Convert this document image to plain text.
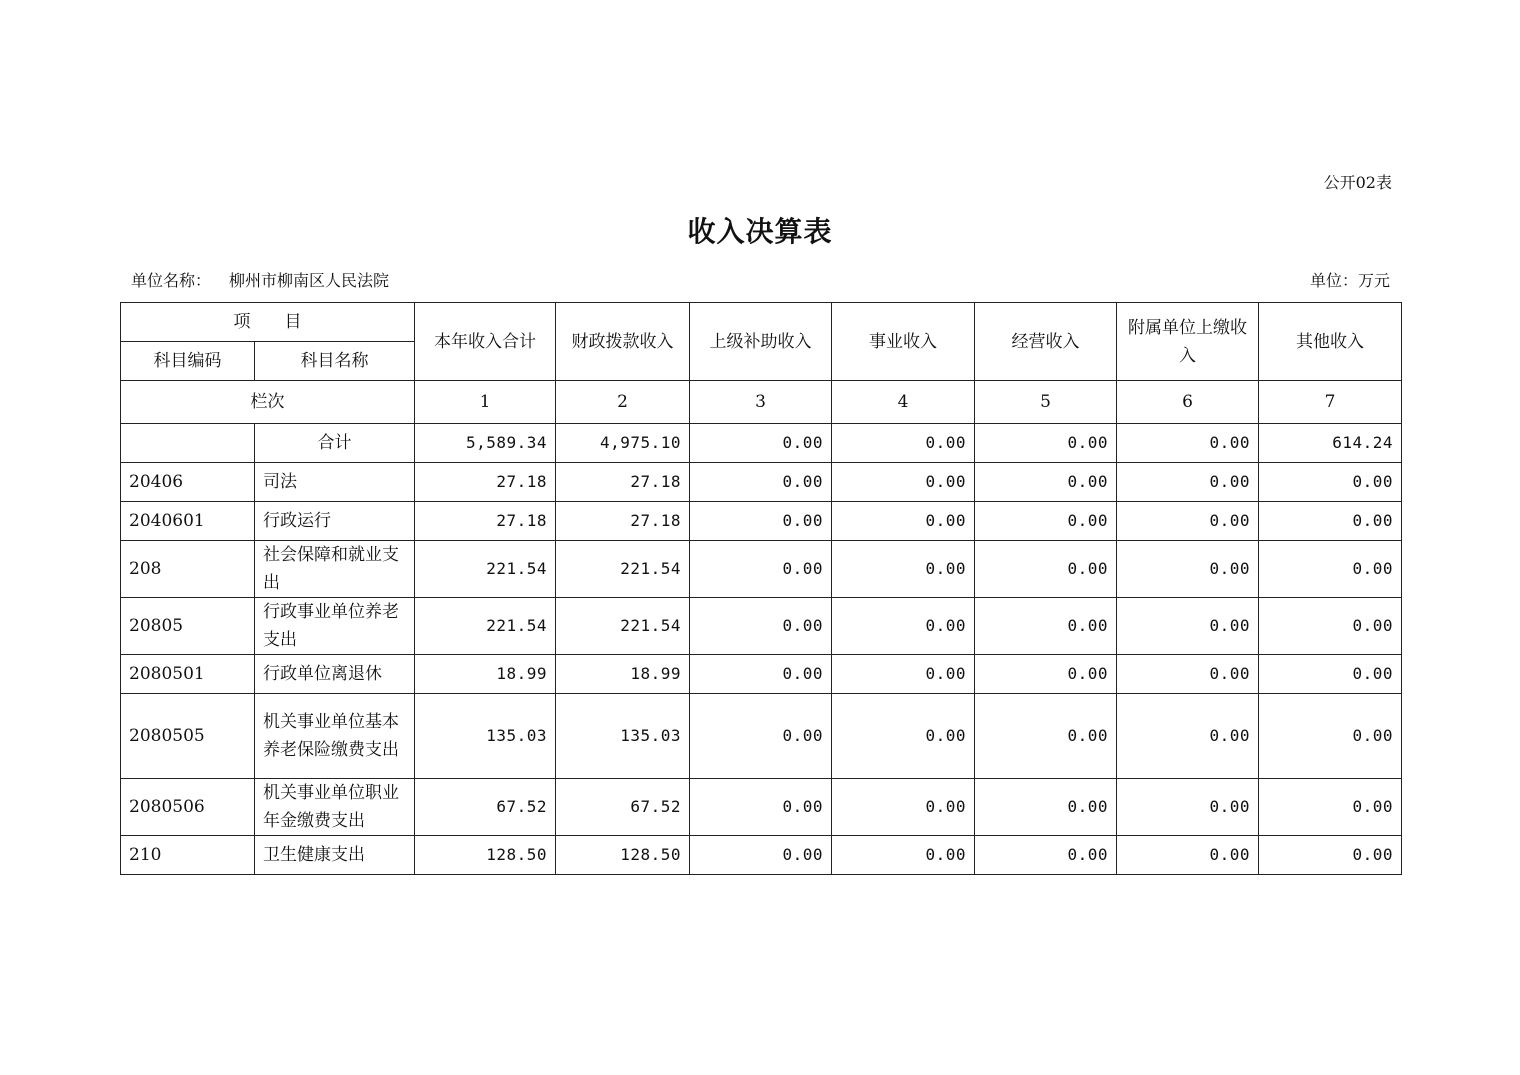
公开02表
收入决算表
单位名称： 柳州市柳南区人民法院	单位：万元
项　　目		本年收入合计	财政拨款收入	上级补助收入	事业收入	经营收入	附属单位上缴收入	其他收入
科目编码	科目名称							
栏次		1	2	3	4	5	6	7
	合计	5,589.34	4,975.10	0.00	0.00	0.00	0.00	614.24
20406	司法	27.18	27.18	0.00	0.00	0.00	0.00	0.00
2040601	行政运行	27.18	27.18	0.00	0.00	0.00	0.00	0.00
208	社会保障和就业支出	221.54	221.54	0.00	0.00	0.00	0.00	0.00
20805	行政事业单位养老支出	221.54	221.54	0.00	0.00	0.00	0.00	0.00
2080501	行政单位离退休	18.99	18.99	0.00	0.00	0.00	0.00	0.00
2080505	机关事业单位基本养老保险缴费支出	135.03	135.03	0.00	0.00	0.00	0.00	0.00
2080506	机关事业单位职业年金缴费支出	67.52	67.52	0.00	0.00	0.00	0.00	0.00
210	卫生健康支出	128.50	128.50	0.00	0.00	0.00	0.00	0.00
